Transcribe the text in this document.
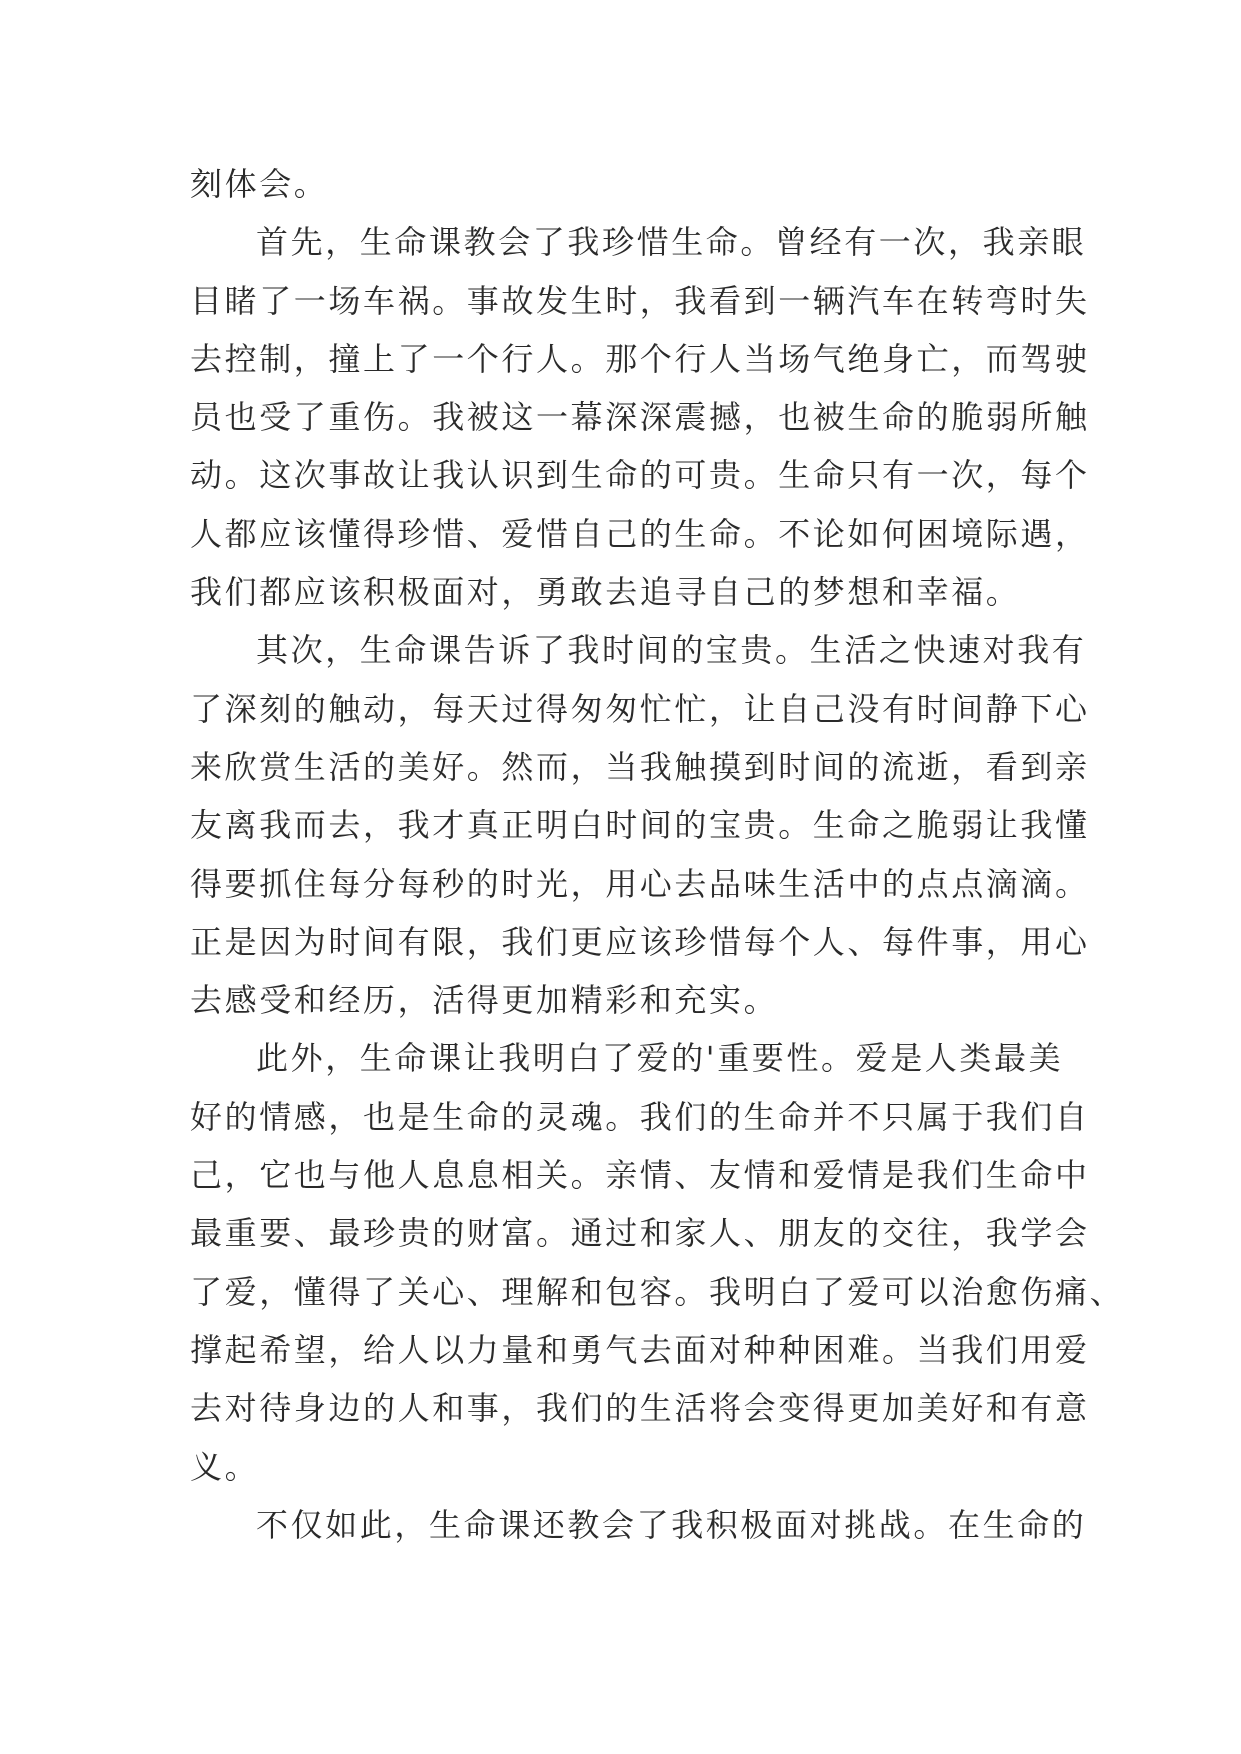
刻体会。
首先，生命课教会了我珍惜生命。曾经有一次，我亲眼
目睹了一场车祸。事故发生时，我看到一辆汽车在转弯时失
去控制，撞上了一个行人。那个行人当场气绝身亡，而驾驶
员也受了重伤。我被这一幕深深震撼，也被生命的脆弱所触
动。这次事故让我认识到生命的可贵。生命只有一次，每个
人都应该懂得珍惜、爱惜自己的生命。不论如何困境际遇，
我们都应该积极面对，勇敢去追寻自己的梦想和幸福。
其次，生命课告诉了我时间的宝贵。生活之快速对我有
了深刻的触动，每天过得匆匆忙忙，让自己没有时间静下心
来欣赏生活的美好。然而，当我触摸到时间的流逝，看到亲
友离我而去，我才真正明白时间的宝贵。生命之脆弱让我懂
得要抓住每分每秒的时光，用心去品味生活中的点点滴滴。
正是因为时间有限，我们更应该珍惜每个人、每件事，用心
去感受和经历，活得更加精彩和充实。
此外，生命课让我明白了爱的'重要性。爱是人类最美
好的情感，也是生命的灵魂。我们的生命并不只属于我们自
己，它也与他人息息相关。亲情、友情和爱情是我们生命中
最重要、最珍贵的财富。通过和家人、朋友的交往，我学会
了爱，懂得了关心、理解和包容。我明白了爱可以治愈伤痛、
撑起希望，给人以力量和勇气去面对种种困难。当我们用爱
去对待身边的人和事，我们的生活将会变得更加美好和有意
义。
不仅如此，生命课还教会了我积极面对挑战。在生命的
